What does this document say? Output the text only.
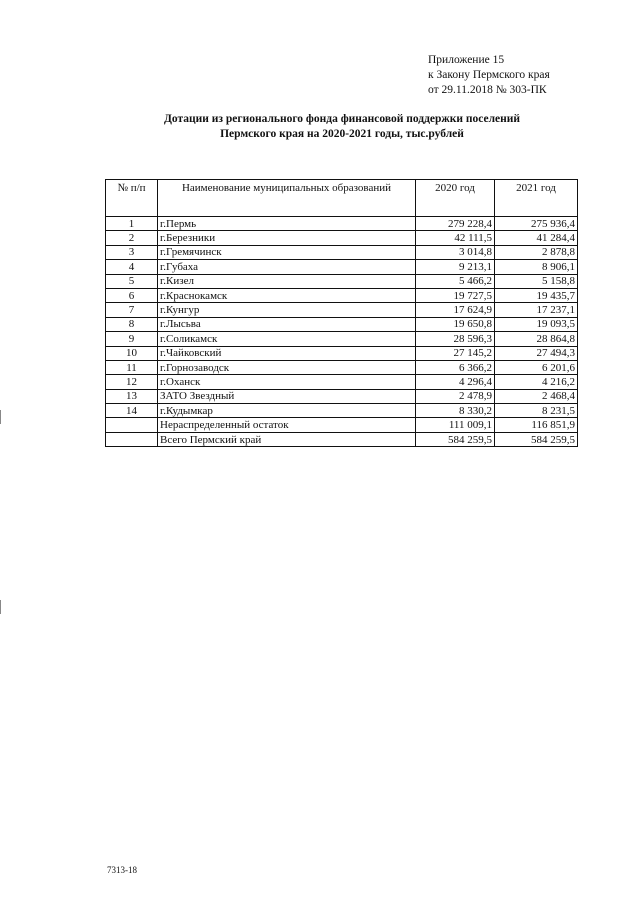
Приложение 15
к Закону Пермского края
от 29.11.2018 № 303-ПК
Дотации из регионального фонда финансовой поддержки поселений
Пермского края на 2020-2021 годы, тыс.рублей
№ п/п	Наименование муниципальных образований	2020 год	2021 год
1	г.Пермь	279 228,4	275 936,4
2	г.Березники	42 111,5	41 284,4
3	г.Гремячинск	3 014,8	2 878,8
4	г.Губаха	9 213,1	8 906,1
5	г.Кизел	5 466,2	5 158,8
6	г.Краснокамск	19 727,5	19 435,7
7	г.Кунгур	17 624,9	17 237,1
8	г.Лысьва	19 650,8	19 093,5
9	г.Соликамск	28 596,3	28 864,8
10	г.Чайковский	27 145,2	27 494,3
11	г.Горнозаводск	6 366,2	6 201,6
12	г.Оханск	4 296,4	4 216,2
13	ЗАТО Звездный	2 478,9	2 468,4
14	г.Кудымкар	8 330,2	8 231,5
	Нераспределенный остаток	111 009,1	116 851,9
	Всего Пермский край	584 259,5	584 259,5
7313-18
